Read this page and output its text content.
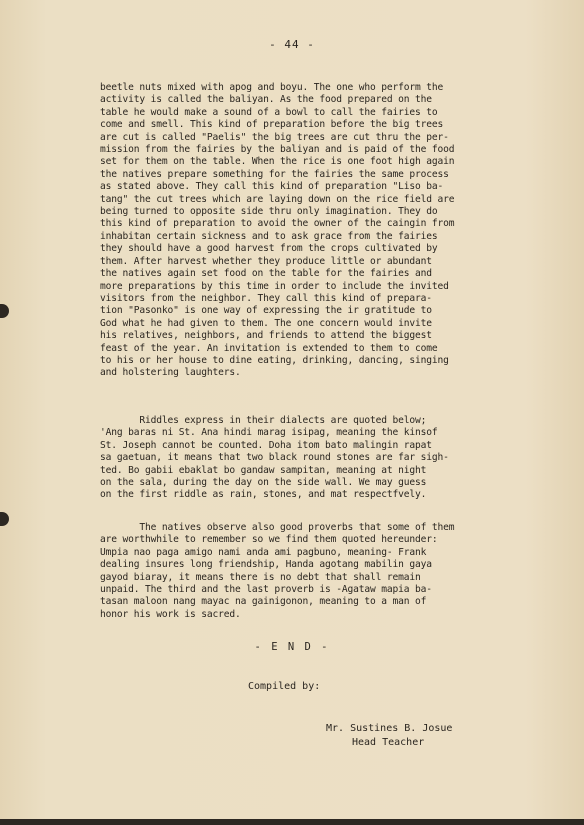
- 44 -
beetle nuts mixed with apog and boyu. The one who perform the
activity is called the baliyan. As the food prepared on the
table he would make a sound of a bowl to call the fairies to
come and smell. This kind of preparation before the big trees
are cut is called "Paelis" the big trees are cut thru the per-
mission from the fairies by the baliyan and is paid of the food
set for them on the table. When the rice is one foot high again
the natives prepare something for the fairies the same process
as stated above. They call this kind of preparation "Liso ba-
tang" the cut trees which are laying down on the rice field are
being turned to opposite side thru only imagination. They do
this kind of preparation to avoid the owner of the caingin from
inhabitan certain sickness and to ask grace from the fairies
they should have a good harvest from the crops cultivated by
them. After harvest whether they produce little or abundant
the natives again set food on the table for the fairies and
more preparations by this time in order to include the invited
visitors from the neighbor. They call this kind of prepara-
tion "Pasonko" is one way of expressing the ir gratitude to
God what he had given to them. The one concern would invite
his relatives, neighbors, and friends to attend the biggest
feast of the year. An invitation is extended to them to come
to his or her house to dine eating, drinking, dancing, singing
and holstering laughters.
Riddles express in their dialects are quoted below;
'Ang baras ni St. Ana hindi marag isipag, meaning the kinsof
St. Joseph cannot be counted. Doha itom bato malingin rapat
sa gaetuan, it means that two black round stones are far sigh-
ted. Bo gabii ebaklat bo gandaw sampitan, meaning at night
on the sala, during the day on the side wall. We may guess
on the first riddle as rain, stones, and mat respectfvely.
The natives observe also good proverbs that some of them
are worthwhile to remember so we find them quoted hereunder:
Umpia nao paga amigo nami anda ami pagbuno, meaning- Frank
dealing insures long friendship, Handa agotang mabilin gaya
gayod biaray, it means there is no debt that shall remain
unpaid. The third and the last proverb is -Agataw mapia ba-
tasan maloon nang mayac na gainigonon, meaning to a man of
honor his work is sacred.
- E N D -
Compiled by:
Mr. Sustines B. Josue
Head Teacher
